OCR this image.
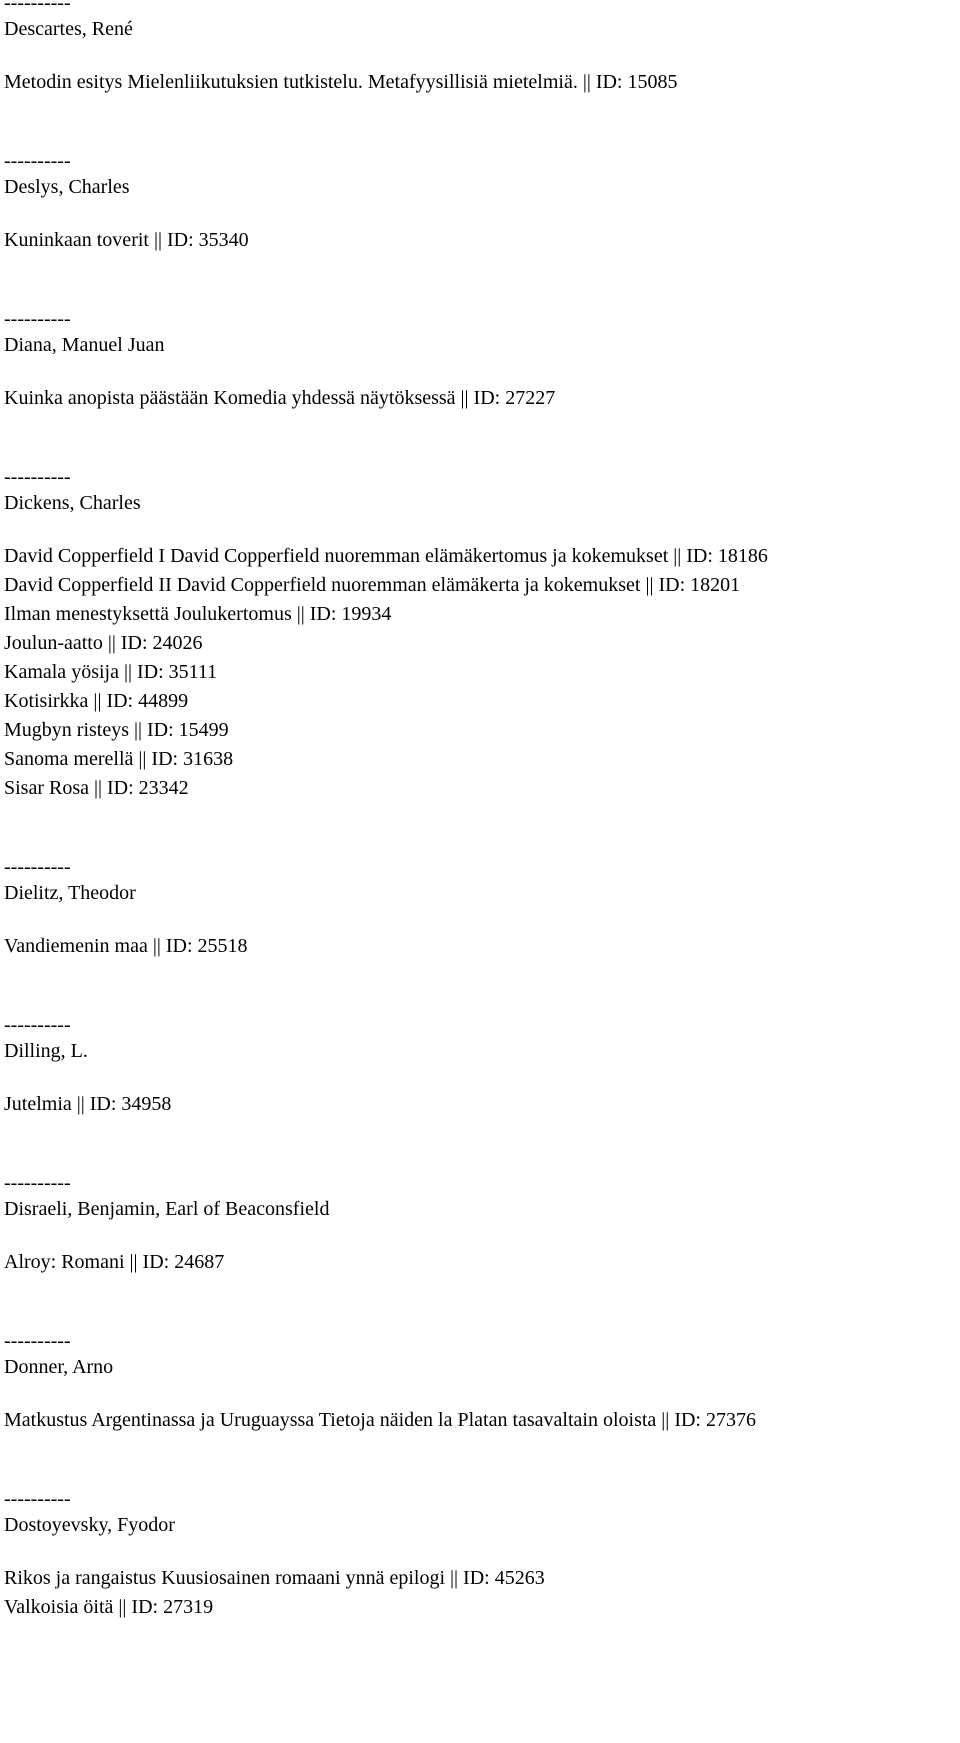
----------
Descartes, René
Metodin esitys Mielenliikutuksien tutkistelu. Metafyysillisiä mietelmiä. || ID: 15085
----------
Deslys, Charles
Kuninkaan toverit || ID: 35340
----------
Diana, Manuel Juan
Kuinka anopista päästään Komedia yhdessä näytöksessä || ID: 27227
----------
Dickens, Charles
David Copperfield I David Copperfield nuoremman elämäkertomus ja kokemukset || ID: 18186
David Copperfield II David Copperfield nuoremman elämäkerta ja kokemukset || ID: 18201
Ilman menestyksettä Joulukertomus || ID: 19934
Joulun-aatto || ID: 24026
Kamala yösija || ID: 35111
Kotisirkka || ID: 44899
Mugbyn risteys || ID: 15499
Sanoma merellä || ID: 31638
Sisar Rosa || ID: 23342
----------
Dielitz, Theodor
Vandiemenin maa || ID: 25518
----------
Dilling, L.
Jutelmia || ID: 34958
----------
Disraeli, Benjamin, Earl of Beaconsfield
Alroy: Romani || ID: 24687
----------
Donner, Arno
Matkustus Argentinassa ja Uruguayssa Tietoja näiden la Platan tasavaltain oloista || ID: 27376
----------
Dostoyevsky, Fyodor
Rikos ja rangaistus Kuusiosainen romaani ynnä epilogi || ID: 45263
Valkoisia öitä || ID: 27319
